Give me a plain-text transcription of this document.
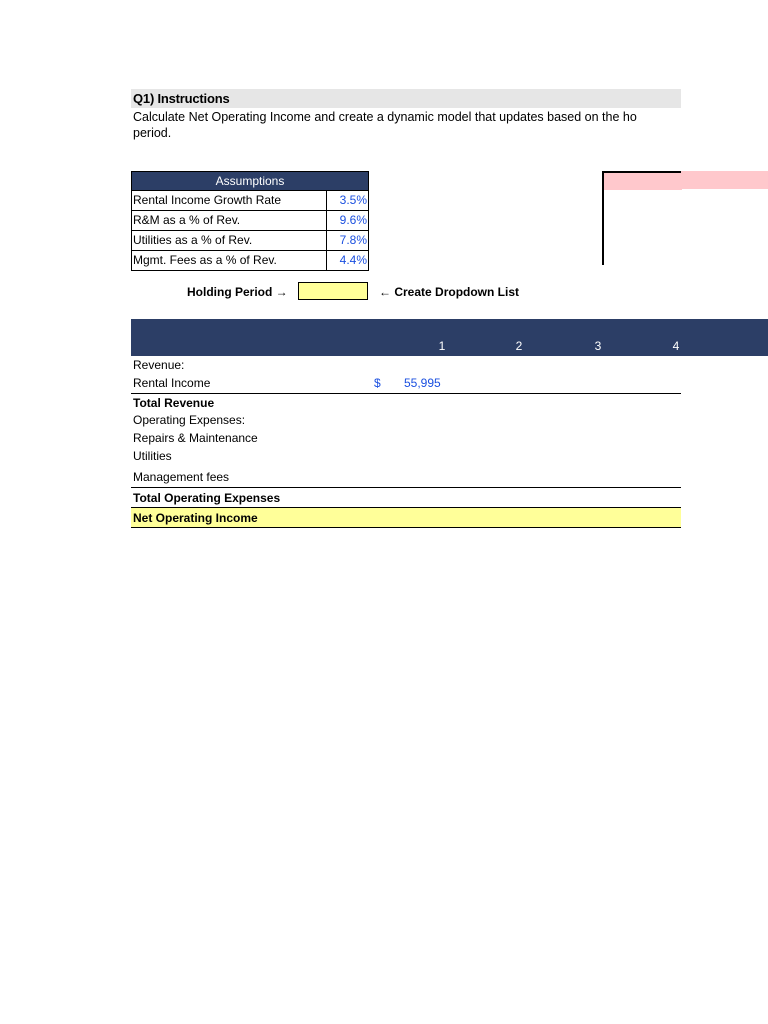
Q1) Instructions
Calculate Net Operating Income and create a dynamic model that updates based on the ho
period.
Assumptions
Rental Income Growth Rate	3.5%
R&M as a % of Rev.	9.6%
Utilities as a % of Rev.	7.8%
Mgmt. Fees as a % of Rev.	4.4%
Holding Period →	← Create Dropdown List
1	2	3	4
Revenue:
Rental Income	$ 55,995
Total Revenue
Operating Expenses:
Repairs & Maintenance
Utilities
Management fees
Total Operating Expenses
Net Operating Income
